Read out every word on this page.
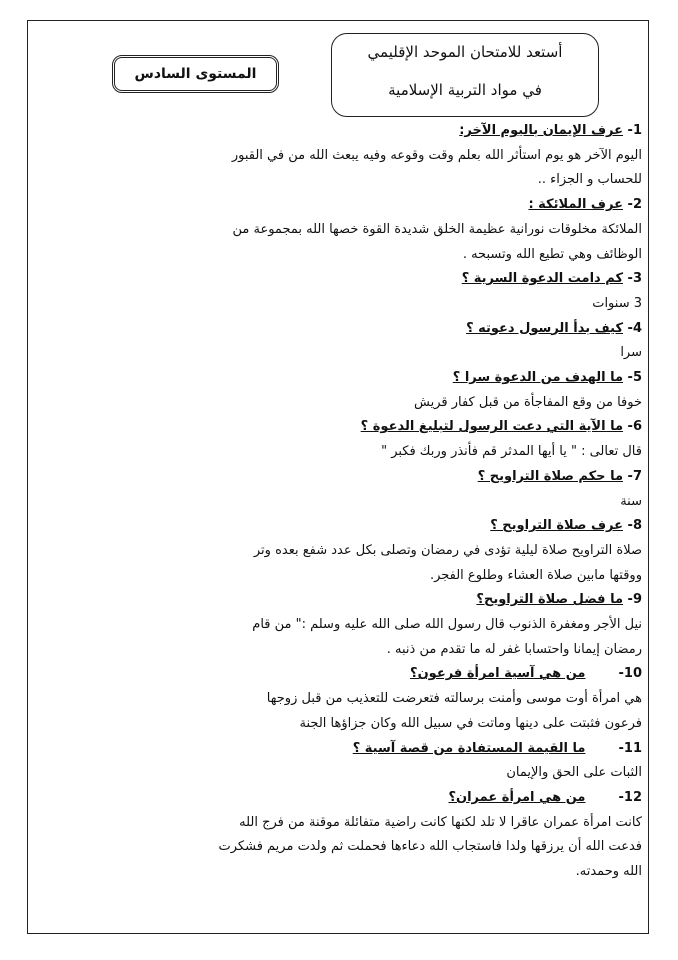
أستعد للامتحان الموحد الإقليمي
في مواد التربية الإسلامية
المستوى السادس
1- عرف الإيمان باليوم الآخر:
اليوم الآخر هو يوم استأثر الله بعلم وقت وقوعه وفيه يبعث الله من في القبور
للحساب و الجزاء ..
2- عرف الملائكة :
الملائكة مخلوقات نورانية عظيمة الخلق شديدة القوة خصها الله بمجموعة من
الوظائف وهي تطيع الله وتسبحه .
3- كم دامت الدعوة السرية ؟
3 سنوات
4- كيف بدأ الرسول دعوته ؟
سرا
5- ما الهدف من الدعوة سرا ؟
خوفا من وقع المفاجأة من قبل كفار قريش
6- ما الآية التي دعت الرسول لتبليغ الدعوة ؟
قال تعالى : " يا أيها المدثر قم فأنذر وربك فكبر "
7- ما حكم صلاة التراويح ؟
سنة
8- عرف صلاة التراويح ؟
صلاة التراويح صلاة ليلية تؤدى في رمضان وتصلى بكل عدد شفع بعده وتر
ووقتها مابين صلاة العشاء وطلوع الفجر.
9- ما فضل صلاة التراويح؟
نيل الأجر ومغفرة الذنوب قال رسول الله صلى الله عليه وسلم :" من قام
رمضان إيمانا واحتسابا غفر له ما تقدم من ذنبه .
10- من هي آسية امرأة فرعون؟
هي امرأة أوت موسى وأمنت برسالته فتعرضت للتعذيب من قبل زوجها
فرعون فثبتت على دينها وماتت في سبيل الله وكان جزاؤها الجنة
11- ما القيمة المستفادة من قصة آسية ؟
الثبات على الحق والإيمان
12- من هي امرأة عمران؟
كانت امرأة عمران عاقرا لا تلد لكنها كانت راضية متفائلة موقنة من فرج الله
فدعت الله أن يرزقها ولدا فاستجاب الله دعاءها فحملت ثم ولدت مريم فشكرت
الله وحمدته.
